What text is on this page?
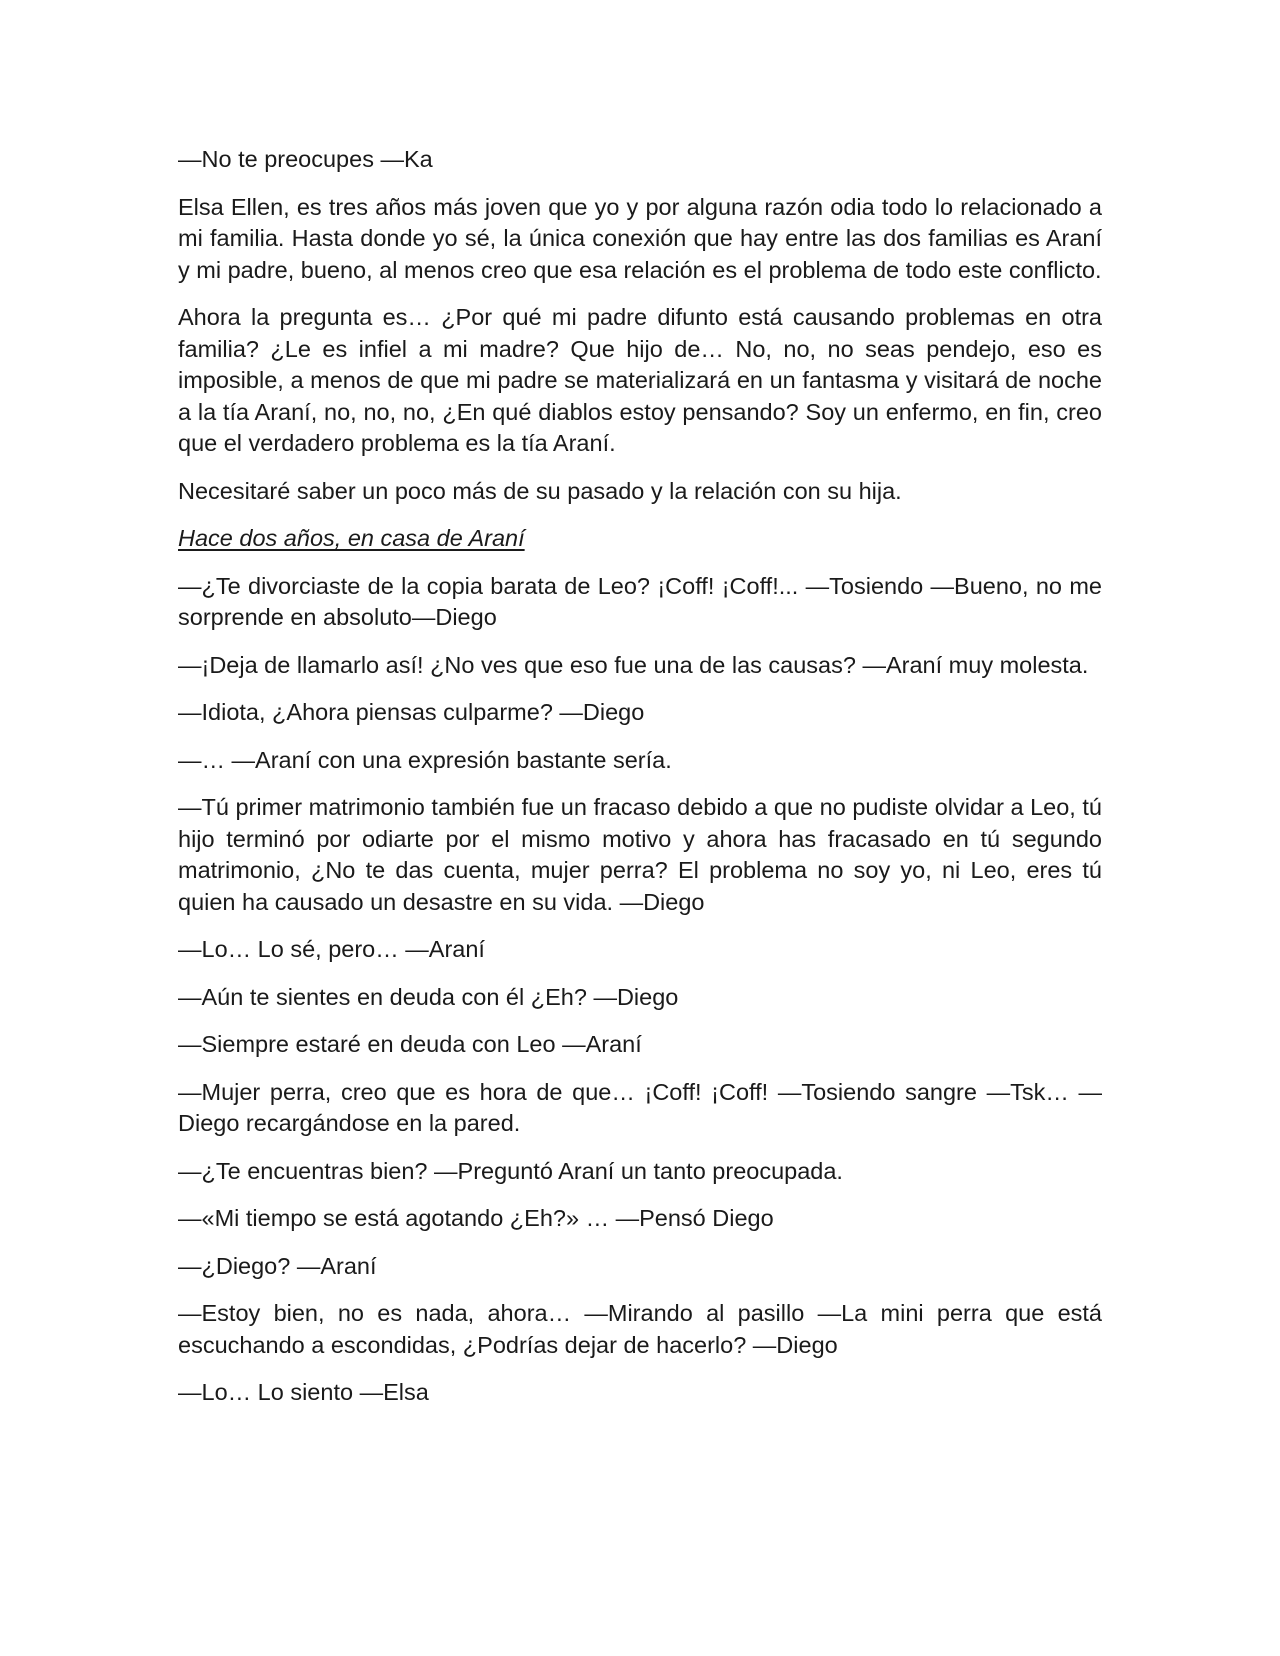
—No te preocupes —Ka

Elsa Ellen, es tres años más joven que yo y por alguna razón odia todo lo relacionado a mi familia. Hasta donde yo sé, la única conexión que hay entre las dos familias es Araní y mi padre, bueno, al menos creo que esa relación es el problema de todo este conflicto.

Ahora la pregunta es… ¿Por qué mi padre difunto está causando problemas en otra familia? ¿Le es infiel a mi madre? Que hijo de… No, no, no seas pendejo, eso es imposible, a menos de que mi padre se materializará en un fantasma y visitará de noche a la tía Araní, no, no, no, ¿En qué diablos estoy pensando? Soy un enfermo, en fin, creo que el verdadero problema es la tía Araní.

Necesitaré saber un poco más de su pasado y la relación con su hija.

Hace dos años, en casa de Araní

—¿Te divorciaste de la copia barata de Leo? ¡Coff! ¡Coff!... —Tosiendo —Bueno, no me sorprende en absoluto—Diego

—¡Deja de llamarlo así! ¿No ves que eso fue una de las causas? —Araní muy molesta.

—Idiota, ¿Ahora piensas culparme? —Diego

—… —Araní con una expresión bastante sería.

—Tú primer matrimonio también fue un fracaso debido a que no pudiste olvidar a Leo, tú hijo terminó por odiarte por el mismo motivo y ahora has fracasado en tú segundo matrimonio, ¿No te das cuenta, mujer perra? El problema no soy yo, ni Leo, eres tú quien ha causado un desastre en su vida. —Diego

—Lo… Lo sé, pero… —Araní

—Aún te sientes en deuda con él ¿Eh? —Diego

—Siempre estaré en deuda con Leo —Araní

—Mujer perra, creo que es hora de que… ¡Coff! ¡Coff! —Tosiendo sangre —Tsk… —Diego recargándose en la pared.

—¿Te encuentras bien? —Preguntó Araní un tanto preocupada.

—«Mi tiempo se está agotando ¿Eh?» … —Pensó Diego

—¿Diego? —Araní

—Estoy bien, no es nada, ahora… —Mirando al pasillo —La mini perra que está escuchando a escondidas, ¿Podrías dejar de hacerlo? —Diego

—Lo… Lo siento —Elsa
